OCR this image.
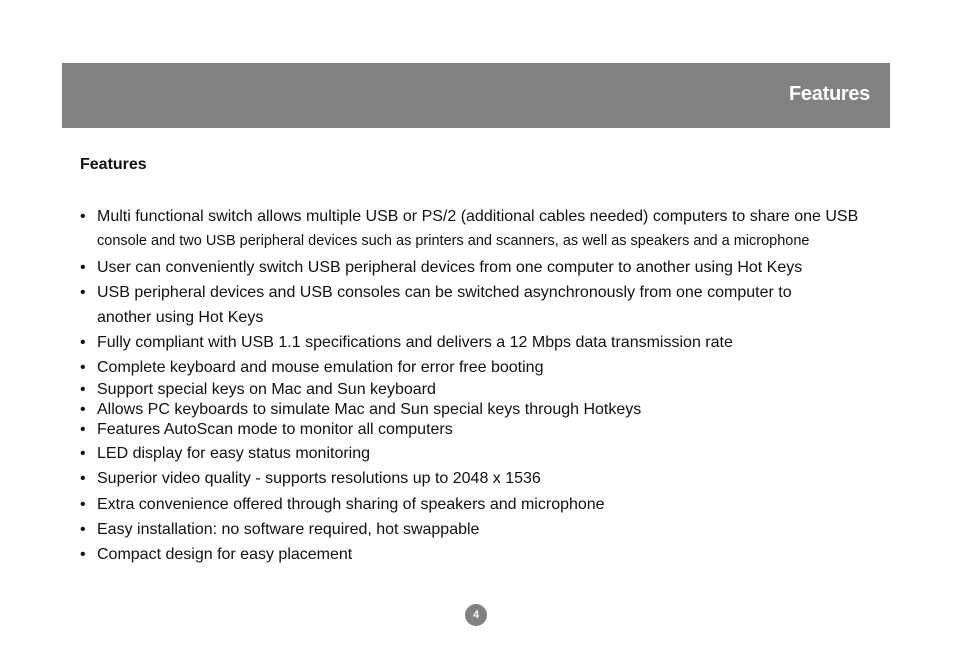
Features
Features
• Multi functional switch allows multiple USB or PS/2 (additional cables needed) computers to share one USB
console and two USB peripheral devices such as printers and scanners, as well as speakers and a microphone
• User can conveniently switch USB peripheral devices from one computer to another using Hot Keys
• USB peripheral devices and USB consoles can be switched asynchronously from one computer to
another using Hot Keys
• Fully compliant with USB 1.1 specifications and delivers a 12 Mbps data transmission rate
• Complete keyboard and mouse emulation for error free booting
• Support special keys on Mac and Sun keyboard
• Allows PC keyboards to simulate Mac and Sun special keys through Hotkeys
• Features AutoScan mode to monitor all computers
• LED display for easy status monitoring
• Superior video quality - supports resolutions up to 2048 x 1536
• Extra convenience offered through sharing of speakers and microphone
• Easy installation: no software required, hot swappable
• Compact design for easy placement
4
